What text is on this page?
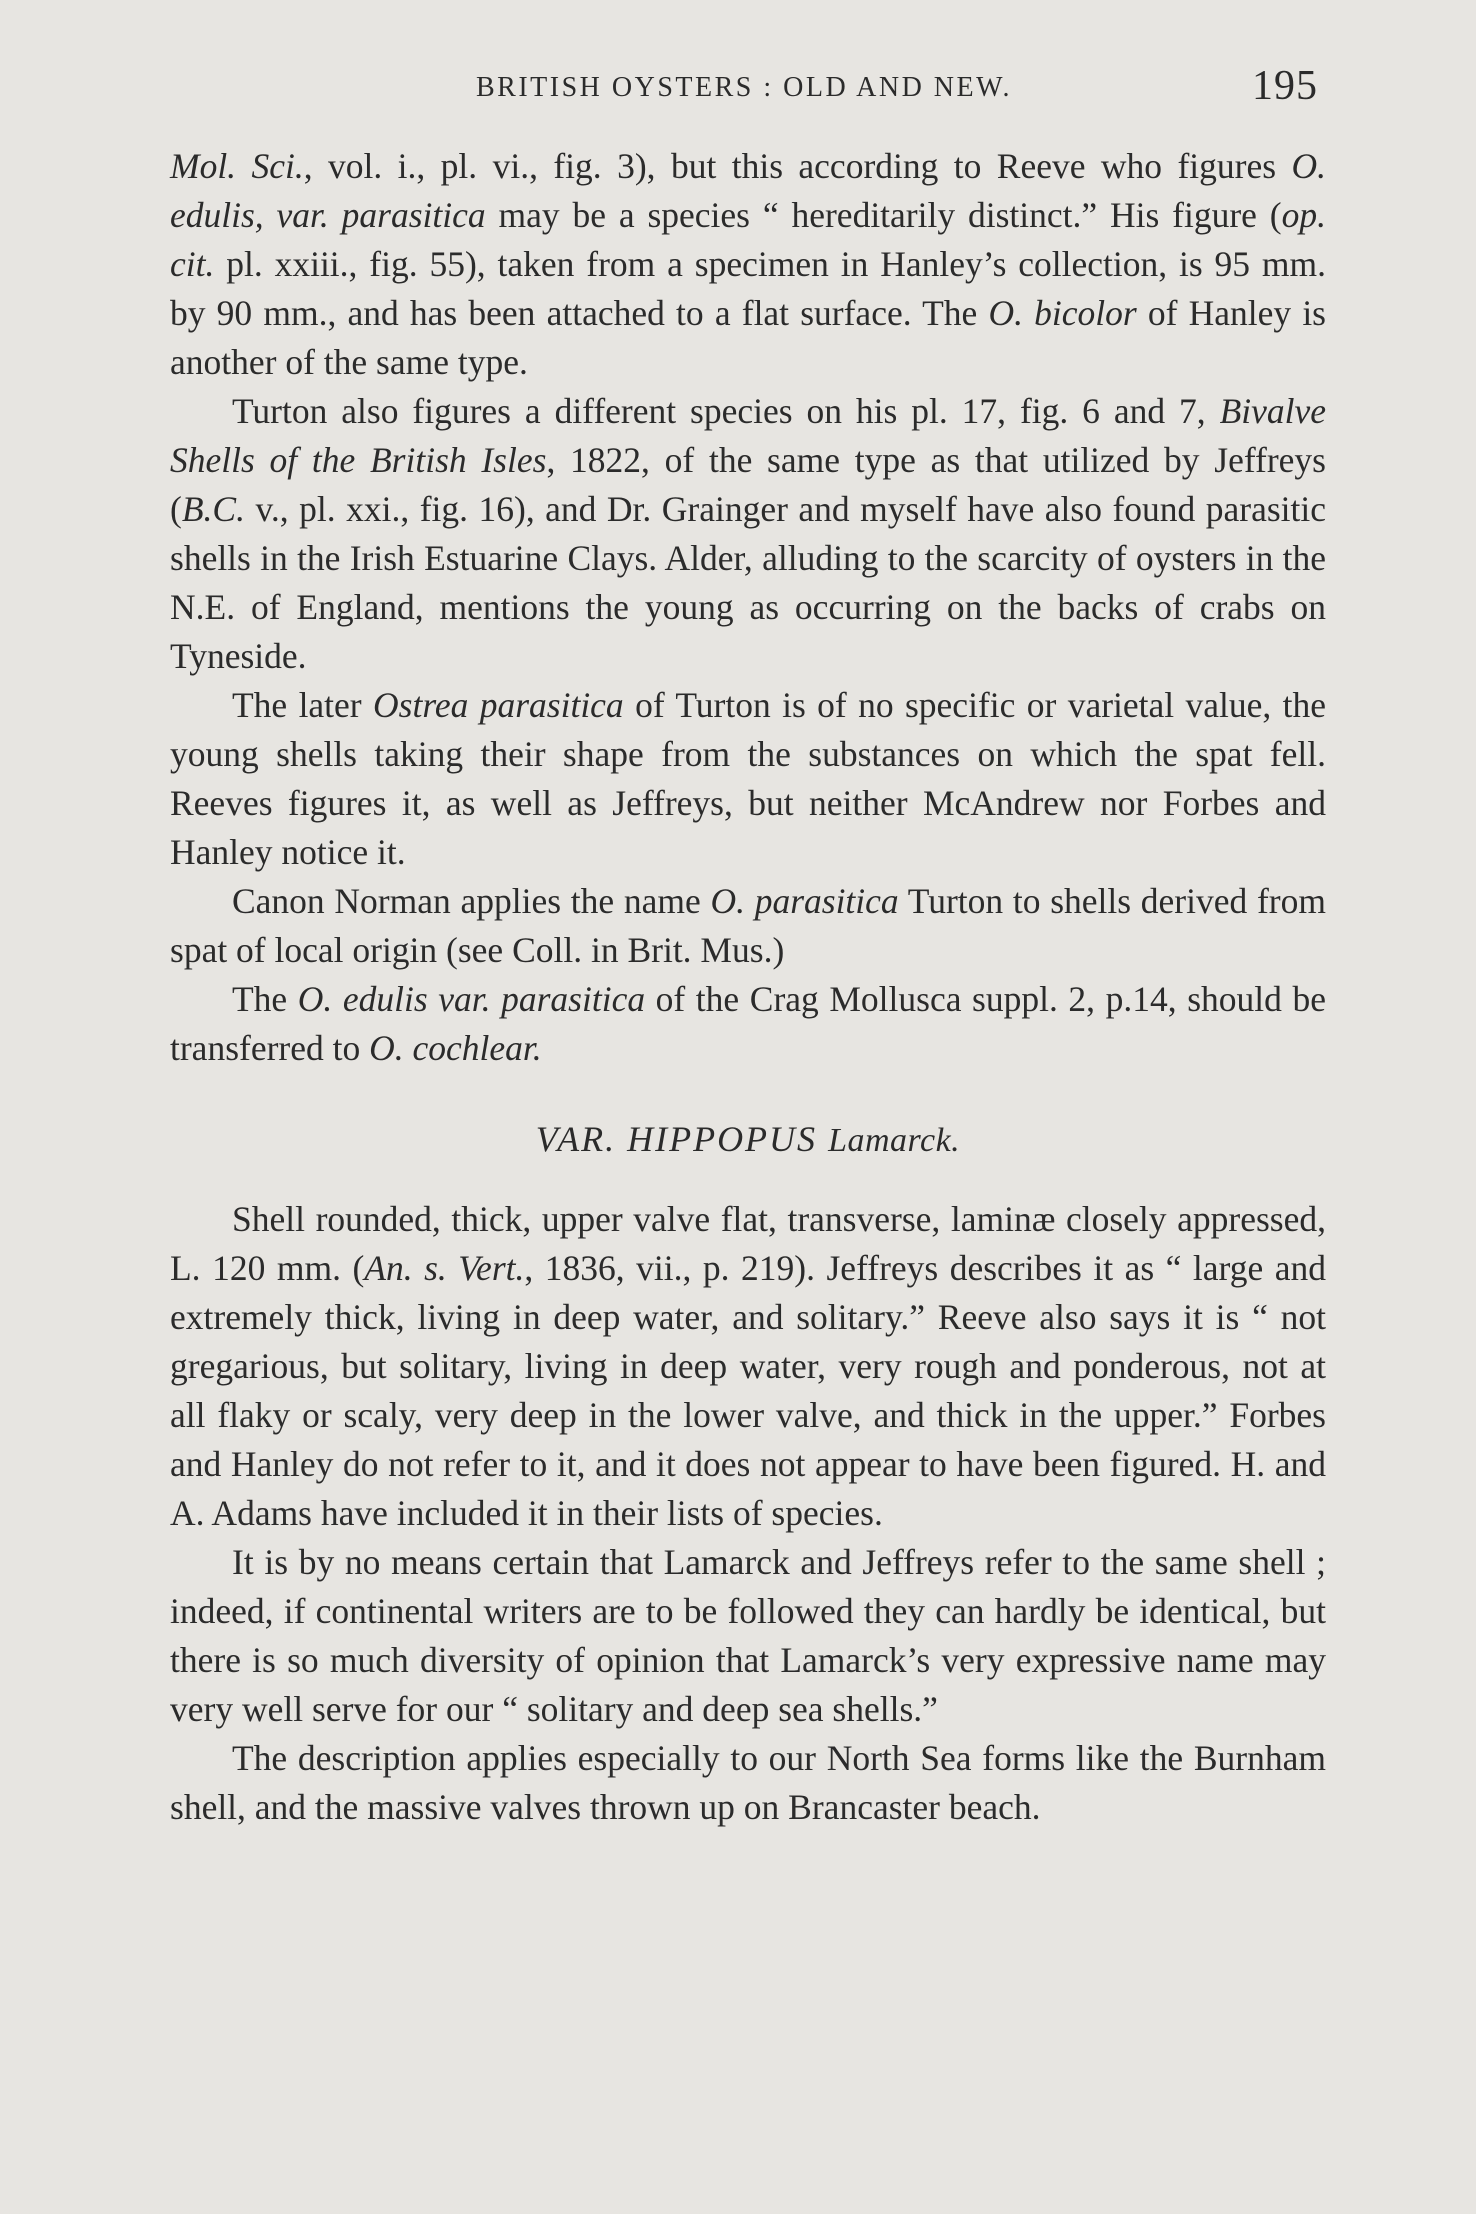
BRITISH OYSTERS : OLD AND NEW.	195

Mol. Sci., vol. i., pl. vi., fig. 3), but this according to Reeve who figures O. edulis, var. parasitica may be a species “ hereditarily distinct.” His figure (op. cit. pl. xxiii., fig. 55), taken from a specimen in Hanley’s collection, is 95 mm. by 90 mm., and has been attached to a flat surface. The O. bicolor of Hanley is another of the same type.

Turton also figures a different species on his pl. 17, fig. 6 and 7, Bivalve Shells of the British Isles, 1822, of the same type as that utilized by Jeffreys (B.C. v., pl. xxi., fig. 16), and Dr. Grainger and myself have also found parasitic shells in the Irish Estuarine Clays. Alder, alluding to the scarcity of oysters in the N.E. of England, mentions the young as occurring on the backs of crabs on Tyneside.

The later Ostrea parasitica of Turton is of no specific or varietal value, the young shells taking their shape from the substances on which the spat fell. Reeves figures it, as well as Jeffreys, but neither McAndrew nor Forbes and Hanley notice it.

Canon Norman applies the name O. parasitica Turton to shells derived from spat of local origin (see Coll. in Brit. Mus.)

The O. edulis var. parasitica of the Crag Mollusca suppl. 2, p.14, should be transferred to O. cochlear.

VAR. HIPPOPUS Lamarck.

Shell rounded, thick, upper valve flat, transverse, laminæ closely appressed, L. 120 mm. (An. s. Vert., 1836, vii., p. 219). Jeffreys describes it as “ large and extremely thick, living in deep water, and solitary.” Reeve also says it is “ not gregarious, but solitary, living in deep water, very rough and ponderous, not at all flaky or scaly, very deep in the lower valve, and thick in the upper.” Forbes and Hanley do not refer to it, and it does not appear to have been figured. H. and A. Adams have included it in their lists of species.

It is by no means certain that Lamarck and Jeffreys refer to the same shell ; indeed, if continental writers are to be followed they can hardly be identical, but there is so much diversity of opinion that Lamarck’s very expressive name may very well serve for our “ solitary and deep sea shells.”

The description applies especially to our North Sea forms like the Burnham shell, and the massive valves thrown up on Brancaster beach.
